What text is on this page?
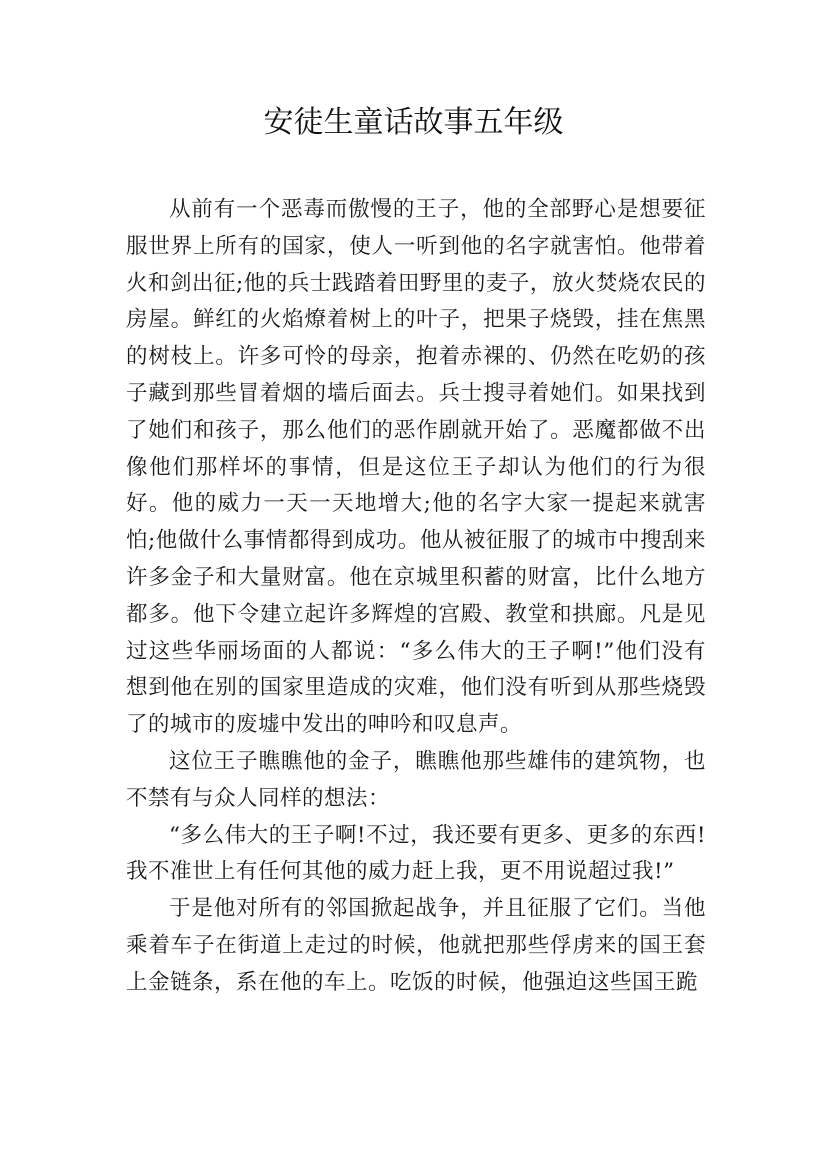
安徒生童话故事五年级

从前有一个恶毒而傲慢的王子，他的全部野心是想要征服世界上所有的国家，使人一听到他的名字就害怕。他带着火和剑出征;他的兵士践踏着田野里的麦子，放火焚烧农民的房屋。鲜红的火焰燎着树上的叶子，把果子烧毁，挂在焦黑的树枝上。许多可怜的母亲，抱着赤裸的、仍然在吃奶的孩子藏到那些冒着烟的墙后面去。兵士搜寻着她们。如果找到了她们和孩子，那么他们的恶作剧就开始了。恶魔都做不出像他们那样坏的事情，但是这位王子却认为他们的行为很好。他的威力一天一天地增大;他的名字大家一提起来就害怕;他做什么事情都得到成功。他从被征服了的城市中搜刮来许多金子和大量财富。他在京城里积蓄的财富，比什么地方都多。他下令建立起许多辉煌的宫殿、教堂和拱廊。凡是见过这些华丽场面的人都说：“多么伟大的王子啊!”他们没有想到他在别的国家里造成的灾难，他们没有听到从那些烧毁了的城市的废墟中发出的呻吟和叹息声。

这位王子瞧瞧他的金子，瞧瞧他那些雄伟的建筑物，也不禁有与众人同样的想法：

“多么伟大的王子啊!不过，我还要有更多、更多的东西!我不准世上有任何其他的威力赶上我，更不用说超过我!”

于是他对所有的邻国掀起战争，并且征服了它们。当他乘着车子在街道上走过的时候，他就把那些俘虏来的国王套上金链条，系在他的车上。吃饭的时候，他强迫这些国王跪
